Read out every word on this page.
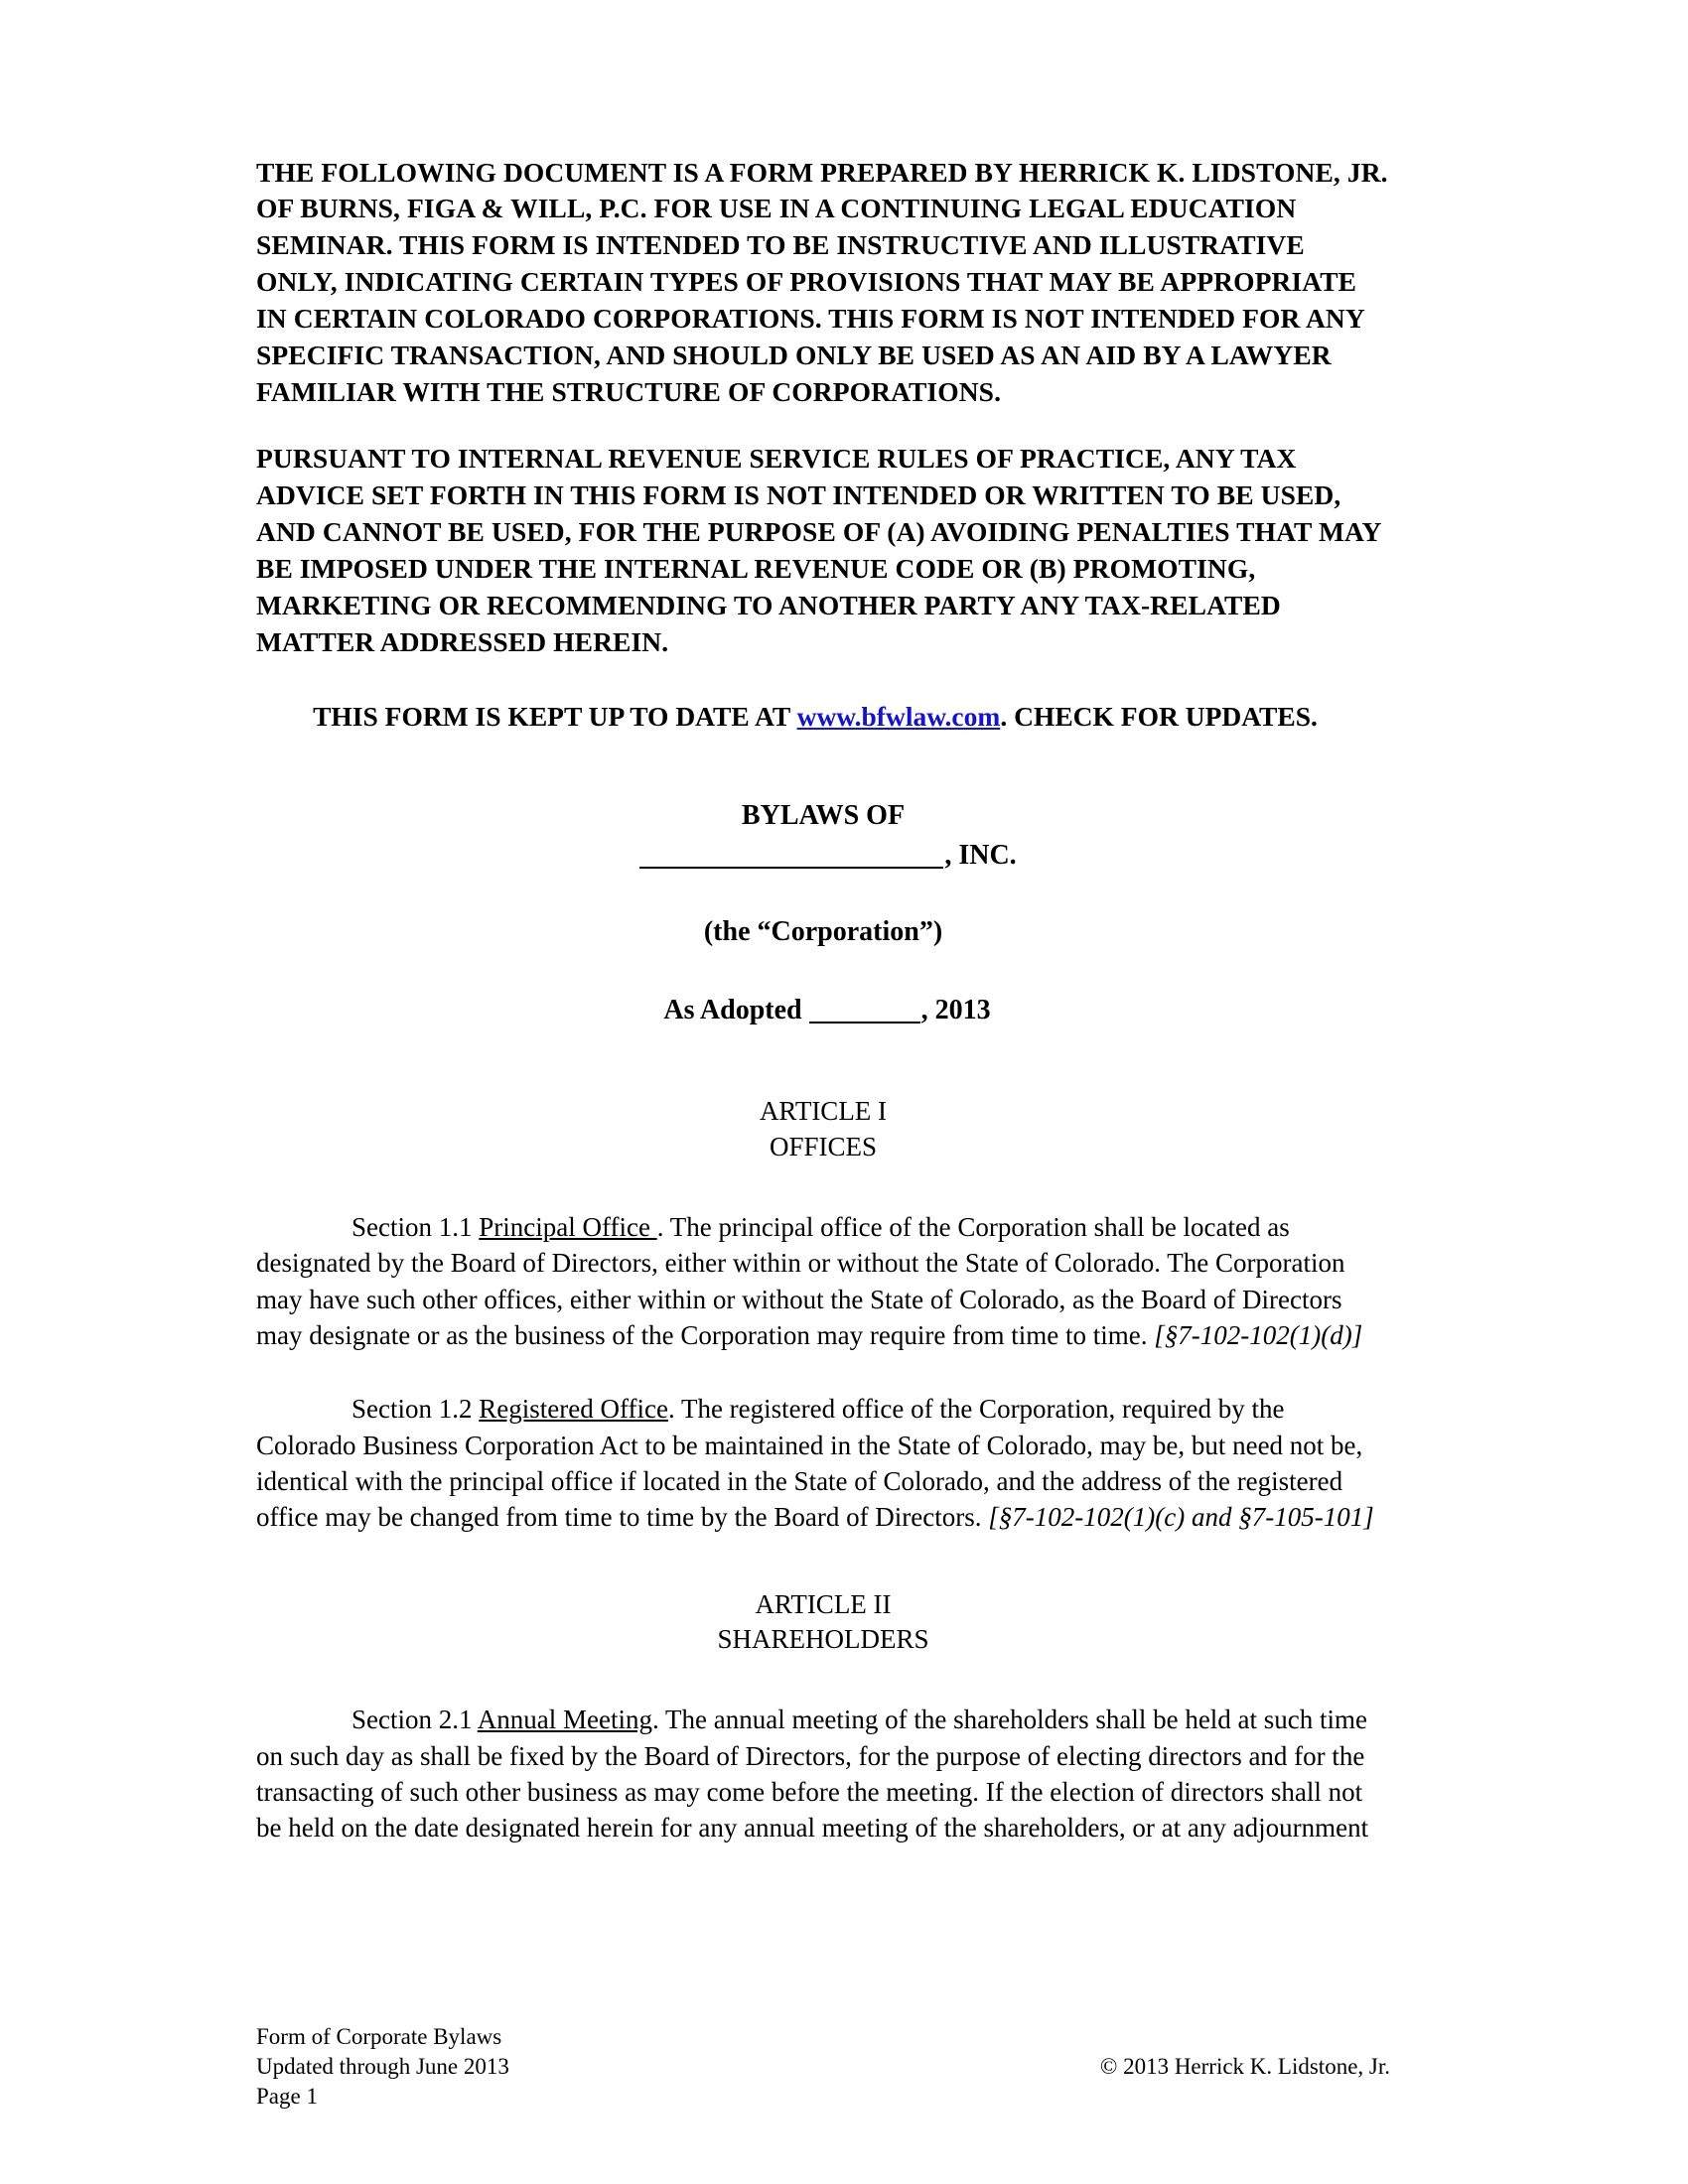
THE FOLLOWING DOCUMENT IS A FORM PREPARED BY HERRICK K. LIDSTONE, JR. OF BURNS, FIGA & WILL, P.C. FOR USE IN A CONTINUING LEGAL EDUCATION SEMINAR. THIS FORM IS INTENDED TO BE INSTRUCTIVE AND ILLUSTRATIVE ONLY, INDICATING CERTAIN TYPES OF PROVISIONS THAT MAY BE APPROPRIATE IN CERTAIN COLORADO CORPORATIONS. THIS FORM IS NOT INTENDED FOR ANY SPECIFIC TRANSACTION, AND SHOULD ONLY BE USED AS AN AID BY A LAWYER FAMILIAR WITH THE STRUCTURE OF CORPORATIONS.

PURSUANT TO INTERNAL REVENUE SERVICE RULES OF PRACTICE, ANY TAX ADVICE SET FORTH IN THIS FORM IS NOT INTENDED OR WRITTEN TO BE USED, AND CANNOT BE USED, FOR THE PURPOSE OF (A) AVOIDING PENALTIES THAT MAY BE IMPOSED UNDER THE INTERNAL REVENUE CODE OR (B) PROMOTING, MARKETING OR RECOMMENDING TO ANOTHER PARTY ANY TAX-RELATED MATTER ADDRESSED HEREIN.

THIS FORM IS KEPT UP TO DATE AT www.bfwlaw.com. CHECK FOR UPDATES.

BYLAWS OF
, INC.
(the “Corporation”)
As Adopted	, 2013
ARTICLE I
OFFICES

Section 1.1 Principal Office . The principal office of the Corporation shall be located as designated by the Board of Directors, either within or without the State of Colorado. The Corporation may have such other offices, either within or without the State of Colorado, as the Board of Directors may designate or as the business of the Corporation may require from time to time. [§7-102-102(1)(d)]

Section 1.2 Registered Office. The registered office of the Corporation, required by the Colorado Business Corporation Act to be maintained in the State of Colorado, may be, but need not be, identical with the principal office if located in the State of Colorado, and the address of the registered office may be changed from time to time by the Board of Directors. [§7-102-102(1)(c) and §7-105-101]

ARTICLE II
SHAREHOLDERS

Section 2.1 Annual Meeting. The annual meeting of the shareholders shall be held at such time on such day as shall be fixed by the Board of Directors, for the purpose of electing directors and for the transacting of such other business as may come before the meeting. If the election of directors shall not be held on the date designated herein for any annual meeting of the shareholders, or at any adjournment

Form of Corporate Bylaws
Updated through June 2013	© 2013 Herrick K. Lidstone, Jr.
Page 1
